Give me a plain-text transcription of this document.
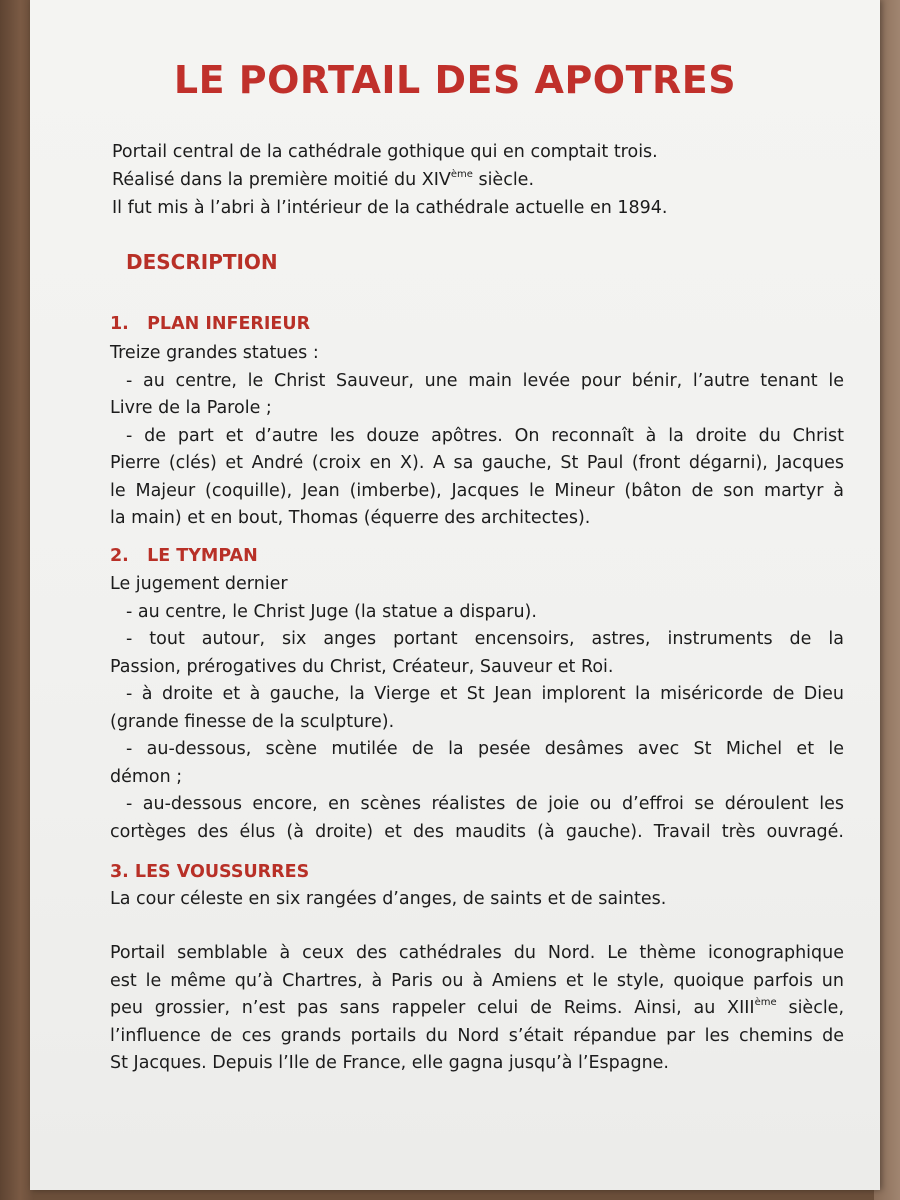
LE PORTAIL DES APOTRES
Portail central de la cathédrale gothique qui en comptait trois.
Réalisé dans la première moitié du XIVème siècle.
Il fut mis à l’abri à l’intérieur de la cathédrale actuelle en 1894.
DESCRIPTION
1.   PLAN INFERIEUR
Treize grandes statues :
- au centre, le Christ Sauveur, une main levée pour bénir, l’autre tenant le
Livre de la Parole ;
- de part et d’autre les douze apôtres. On reconnaît à la droite du Christ
Pierre (clés) et André (croix en X). A sa gauche, St Paul (front dégarni), Jacques
le Majeur (coquille), Jean (imberbe), Jacques le Mineur (bâton de son martyr à
la main) et en bout, Thomas (équerre des architectes).
2.   LE TYMPAN
Le jugement dernier
- au centre, le Christ Juge (la statue a disparu).
- tout autour, six anges portant encensoirs, astres, instruments de la
Passion, prérogatives du Christ, Créateur, Sauveur et Roi.
- à droite et à gauche, la Vierge et St Jean implorent la miséricorde de Dieu
(grande finesse de la sculpture).
- au-dessous, scène mutilée de la pesée desâmes avec St Michel et le
démon ;
- au-dessous encore, en scènes réalistes de joie ou d’effroi se déroulent les
cortèges des élus (à droite) et des maudits (à gauche). Travail très ouvragé.
3. LES VOUSSURRES
La cour céleste en six rangées d’anges, de saints et de saintes.
Portail semblable à ceux des cathédrales du Nord. Le thème iconographique
est le même qu’à Chartres, à Paris ou à Amiens et le style, quoique parfois un
peu grossier, n’est pas sans rappeler celui de Reims. Ainsi, au XIIIème siècle,
l’influence de ces grands portails du Nord s’était répandue par les chemins de
St Jacques. Depuis l’Ile de France, elle gagna jusqu’à l’Espagne.
